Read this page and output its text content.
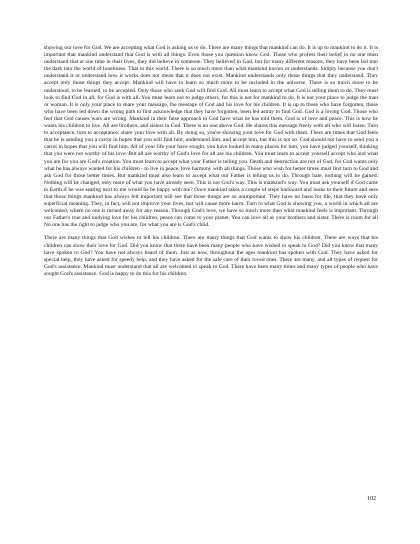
showing our love for God. We are accepting what God is asking us to do. There are many things that mankind can do. It is up to mankind to do it. It is important that mankind understand that God is with all things. Even those you question know God. Those who profess their belief in no one must understand that at one time in their lives, they did believe in someone. They believed in God, but for many different reasons, they have been led into the dark into the world of loneliness. That in this world. There is so much more than what mankind knows or understands. Simply because you don't understand it or understand how it works does not mean that it does not exist. Mankind understands only those things that they understand. They accept only those things they accept. Mankind will have to learn so much more to be included in the universe. There is so much more to be understood, to be learned, to be accepted. Only those who seek God will find God. All must learn to accept what God is telling them to do. They must look to find God in all, for God is with all. You must learn not to judge others, for this is not for mankind to do. It is not your place to judge the man or woman. It is only your place to share your message, the message of God and his love for his children. It is up to those who have forgotten, those who have been led down the wrong path to first acknowledge that they have forgotten, been led astray to find God. God is a loving God. Those who feel that God causes wars are wrong. Mankind in their false approach to God have what he has told them. God is of love and peace. This is how he wants his children to live. All are brothers, and sisters in God. There is no one above God. He shares this message freely with all who will listen. Turn to acceptance, turn to acceptance, share your love with all. By doing so, you're showing your love for God with them. There are times that God feels that he is sending you a carrot in hopes that you will find him, understand him, and accept him, but this is not so. God should not have to send you a carrot in hopes that you will find him. All of your life your have sought, you have looked in many places for him, you have judged yourself, thinking that you were not worthy of his love. But all are worthy of God's love for all are his children. You must learn to accept yourself accept who and what you are for you are God's creation. You must learn to accept what your Father is telling you. Death and destruction are not of God, for God wants only what he has always wanted for his children - to live in peace, love harmony with all things. Those who wish for better times must first turn to God and ask God for those better times. But mankind must also learn to accept what our Father is telling us to do. Through hate, nothing will be gained. Nothing will be changed, only more of what you have already seen. This is not God's way. This is mankind's way. You must ask yourself if God came to Earth if he was seating next to me would he be happy with me? Once mankind takes a couple of steps backward and looks to their future and sees that those things mankind has always felt important will see that those things are so unimportant. They have no basis for life, that they have only superficial meaning. They, in fact, will not improve your lives, but will cause more harm. Turn to what God is showing you, a world in which all are welcomed, where no one is turned away for any reason. Through God's love, we have so much more then what mankind feels is important. Through our Father's true and undying love for his children, peace can come to your planet. You can love all as your brothers and sister. There is room for all No one has the right to judge who you are, for what you are is God's child.

There are many things that God wishes to tell his children. There are many things that God wants to show his children. There are ways that his children can show their love for God. Did you know that there have been many people who have wished to speak to God? Did you know that many have spoken to God? You have not always heard of them. Just as now, throughout the ages mankind has spoken with God. They have asked for special help, they have asked for speedy help, and they have asked for the safe care of their loved ones. There are many, and all types of request for God's assistance. Mankind must understand that all are welcomed to speak to God. There have been many times and many types of people who have sought God's assistance. God is happy to do this for his children.

102
